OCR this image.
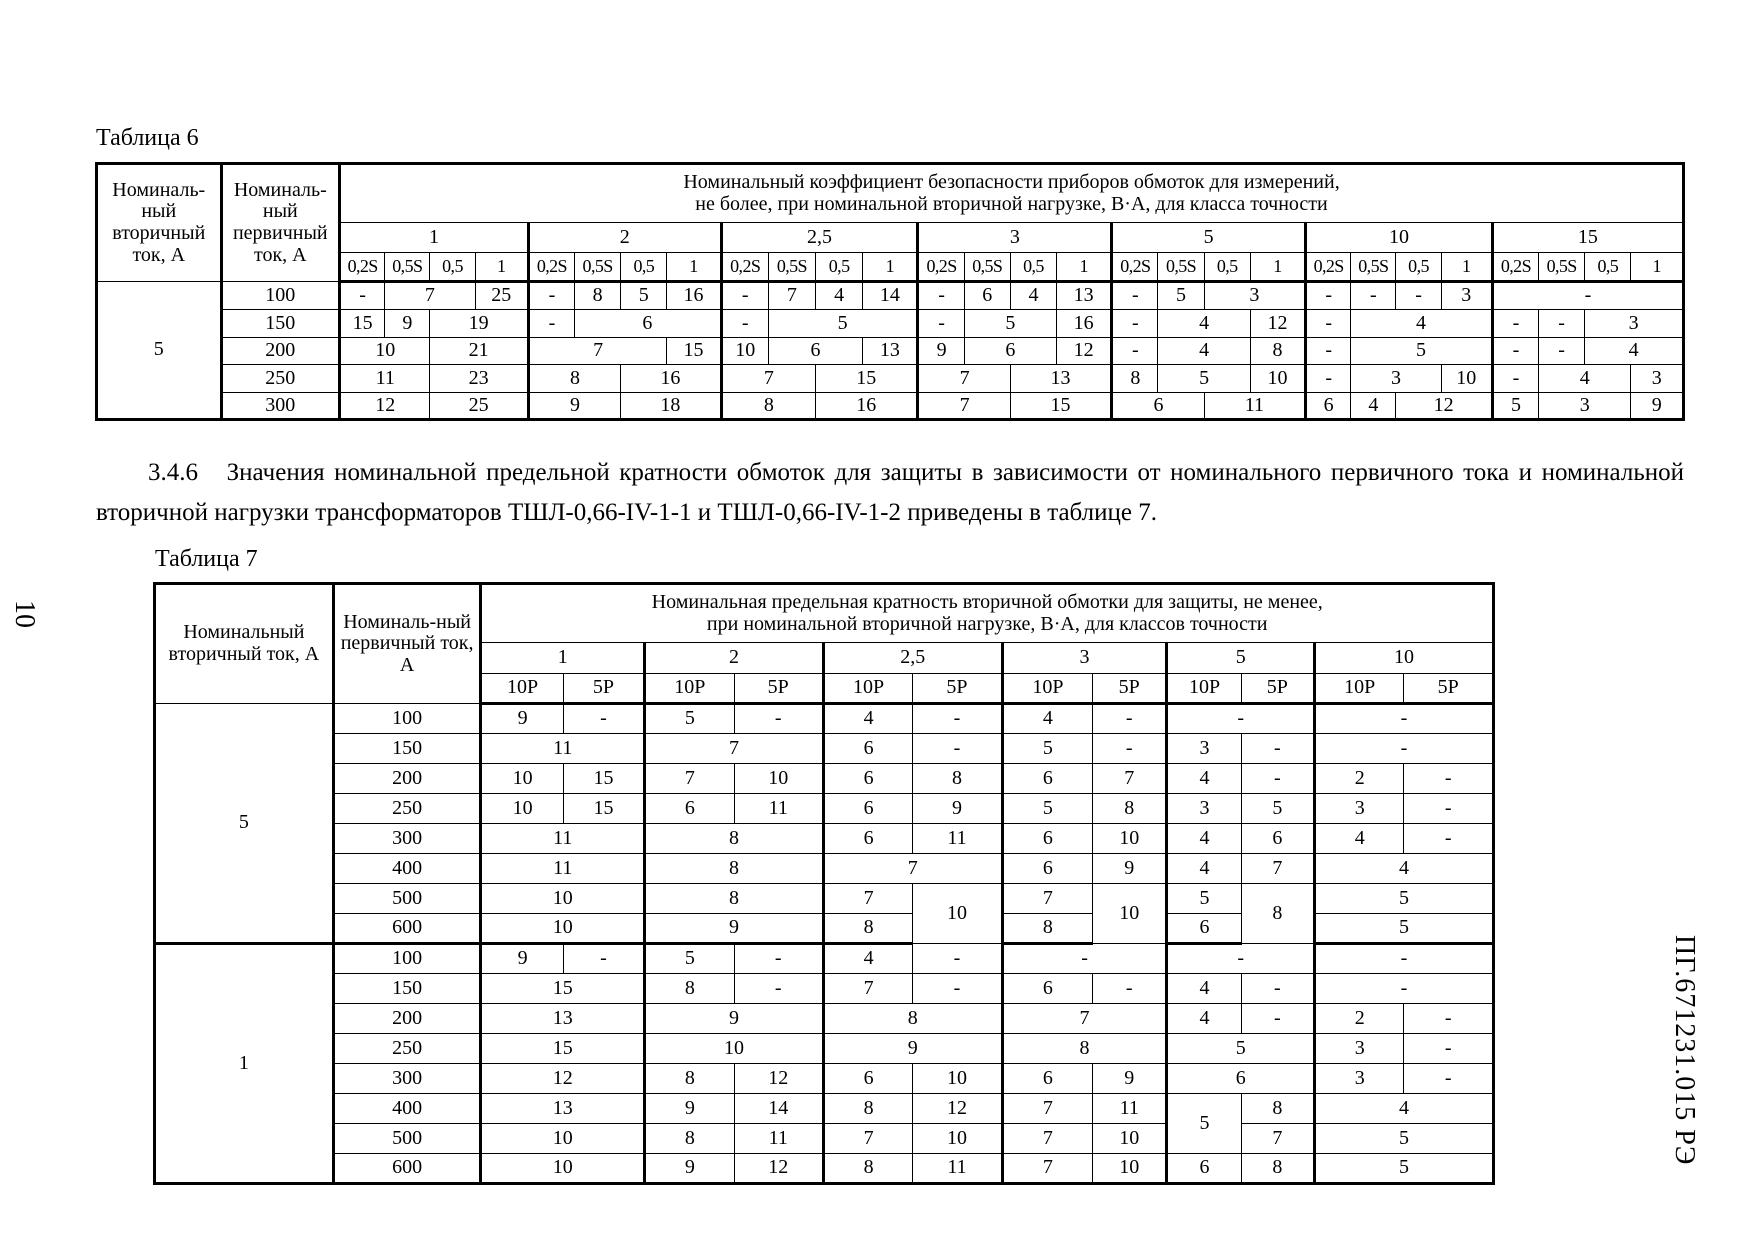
Таблица 6
Номиналь-ный вторичный ток, А	Номиналь-ный первичный ток, А	Номинальный коэффициент безопасности приборов обмоток для измерений,
не более, при номинальной вторичной нагрузке, В·А, для класса точности																											

		1				2				2,5				3				5				10				15			
		0,2S	0,5S	0,5	1	0,2S	0,5S	0,5	1	0,2S	0,5S	0,5	1	0,2S	0,5S	0,5	1	0,2S	0,5S	0,5	1	0,2S	0,5S	0,5	1	0,2S	0,5S	0,5	1
5	100	-	7		25	-	8	5	16	-	7	4	14	-	6	4	13	-	5	3		-	-	-	3	-			
	150	15	9	19		-	6			-	5			-	5		16	-	4		12	-	4			-	-	3	
	200	10		21		7			15	10	6		13	9	6		12	-	4		8	-	5			-	-	4	
	250	11		23		8		16		7		15		7		13		8	5		10	-	3		10	-	4		3
	300	12		25		9		18		8		16		7		15		6		11		6	4	12		5	3		9
3.4.6 Значения номинальной предельной кратности обмоток для защиты в зависимости от номинального первичного тока и номинальной вторичной нагрузки трансформаторов ТШЛ-0,66-IV-1-1 и ТШЛ-0,66-IV-1-2 приведены в таблице 7.
Таблица 7
Номинальный вторичный ток, А	Номиналь-ный первичный ток, А	Номинальная предельная кратность вторичной обмотки для защиты, не менее,
при номинальной вторичной нагрузке, В·А, для классов точности											

		1		2		2,5		3		5		10	
		10P	5P	10P	5P	10P	5P	10P	5P	10P	5P	10P	5P
5	100	9	-	5	-	4	-	4	-	-		-	
	150	11		7		6	-	5	-	3	-	-	
	200	10	15	7	10	6	8	6	7	4	-	2	-
	250	10	15	6	11	6	9	5	8	3	5	3	-
	300	11		8		6	11	6	10	4	6	4	-
	400	11		8		7		6	9	4	7	4	
	500	10		8		7	10	7	10	5	8	5	
	600	10		9		8		8		6		5	
1	100	9	-	5	-	4	-	-		-		-	
	150	15		8	-	7	-	6	-	4	-	-	
	200	13		9		8		7		4	-	2	-
	250	15		10		9		8		5		3	-
	300	12		8	12	6	10	6	9	6		3	-
	400	13		9	14	8	12	7	11	5	8	4	
	500	10		8	11	7	10	7	10		7	5	
	600	10		9	12	8	11	7	10	6	8	5	
10
ПГ.671231.015 РЭ
